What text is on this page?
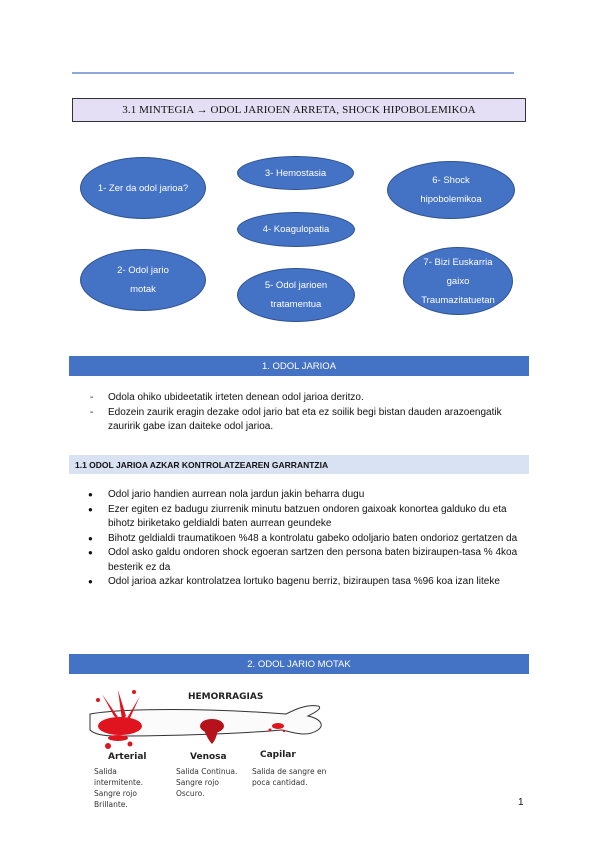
3.1 MINTEGIA → ODOL JARIOEN ARRETA, SHOCK HIPOBOLEMIKOA
1- Zer da odol jarioa?
3- Hemostasia
6- Shock hipobolemikoa
4- Koagulopatia
2- Odol jario motak	5- Odol jarioen tratamentua
7- Bizi Euskarria gaixo Traumazitatuetan
1. ODOL JARIOA
- Odola ohiko ubideetatik irteten denean odol jarioa deritzo.
- Edozein zaurik eragin dezake odol jario bat eta ez soilik begi bistan dauden arazoengatik zauririk gabe izan daiteke odol jarioa.
1.1 ODOL JARIOA AZKAR KONTROLATZEAREN GARRANTZIA
● Odol jario handien aurrean nola jardun jakin beharra dugu
● Ezer egiten ez badugu ziurrenik minutu batzuen ondoren gaixoak konortea galduko du eta bihotz biriketako geldialdi baten aurrean geundeke
● Bihotz geldialdi traumatikoen %48 a kontrolatu gabeko odoljario baten ondorioz gertatzen da
● Odol asko galdu ondoren shock egoeran sartzen den persona baten biziraupen-tasa % 4koa besterik ez da
● Odol jarioa azkar kontrolatzea lortuko bagenu berriz, biziraupen tasa %96 koa izan liteke
2. ODOL JARIO MOTAK
HEMORRAGIAS
Arterial
Salida intermitente. Sangre rojo Brillante.
Venosa
Salida Continua. Sangre rojo Oscuro.
Capilar
Salida de sangre en poca cantidad.
1
